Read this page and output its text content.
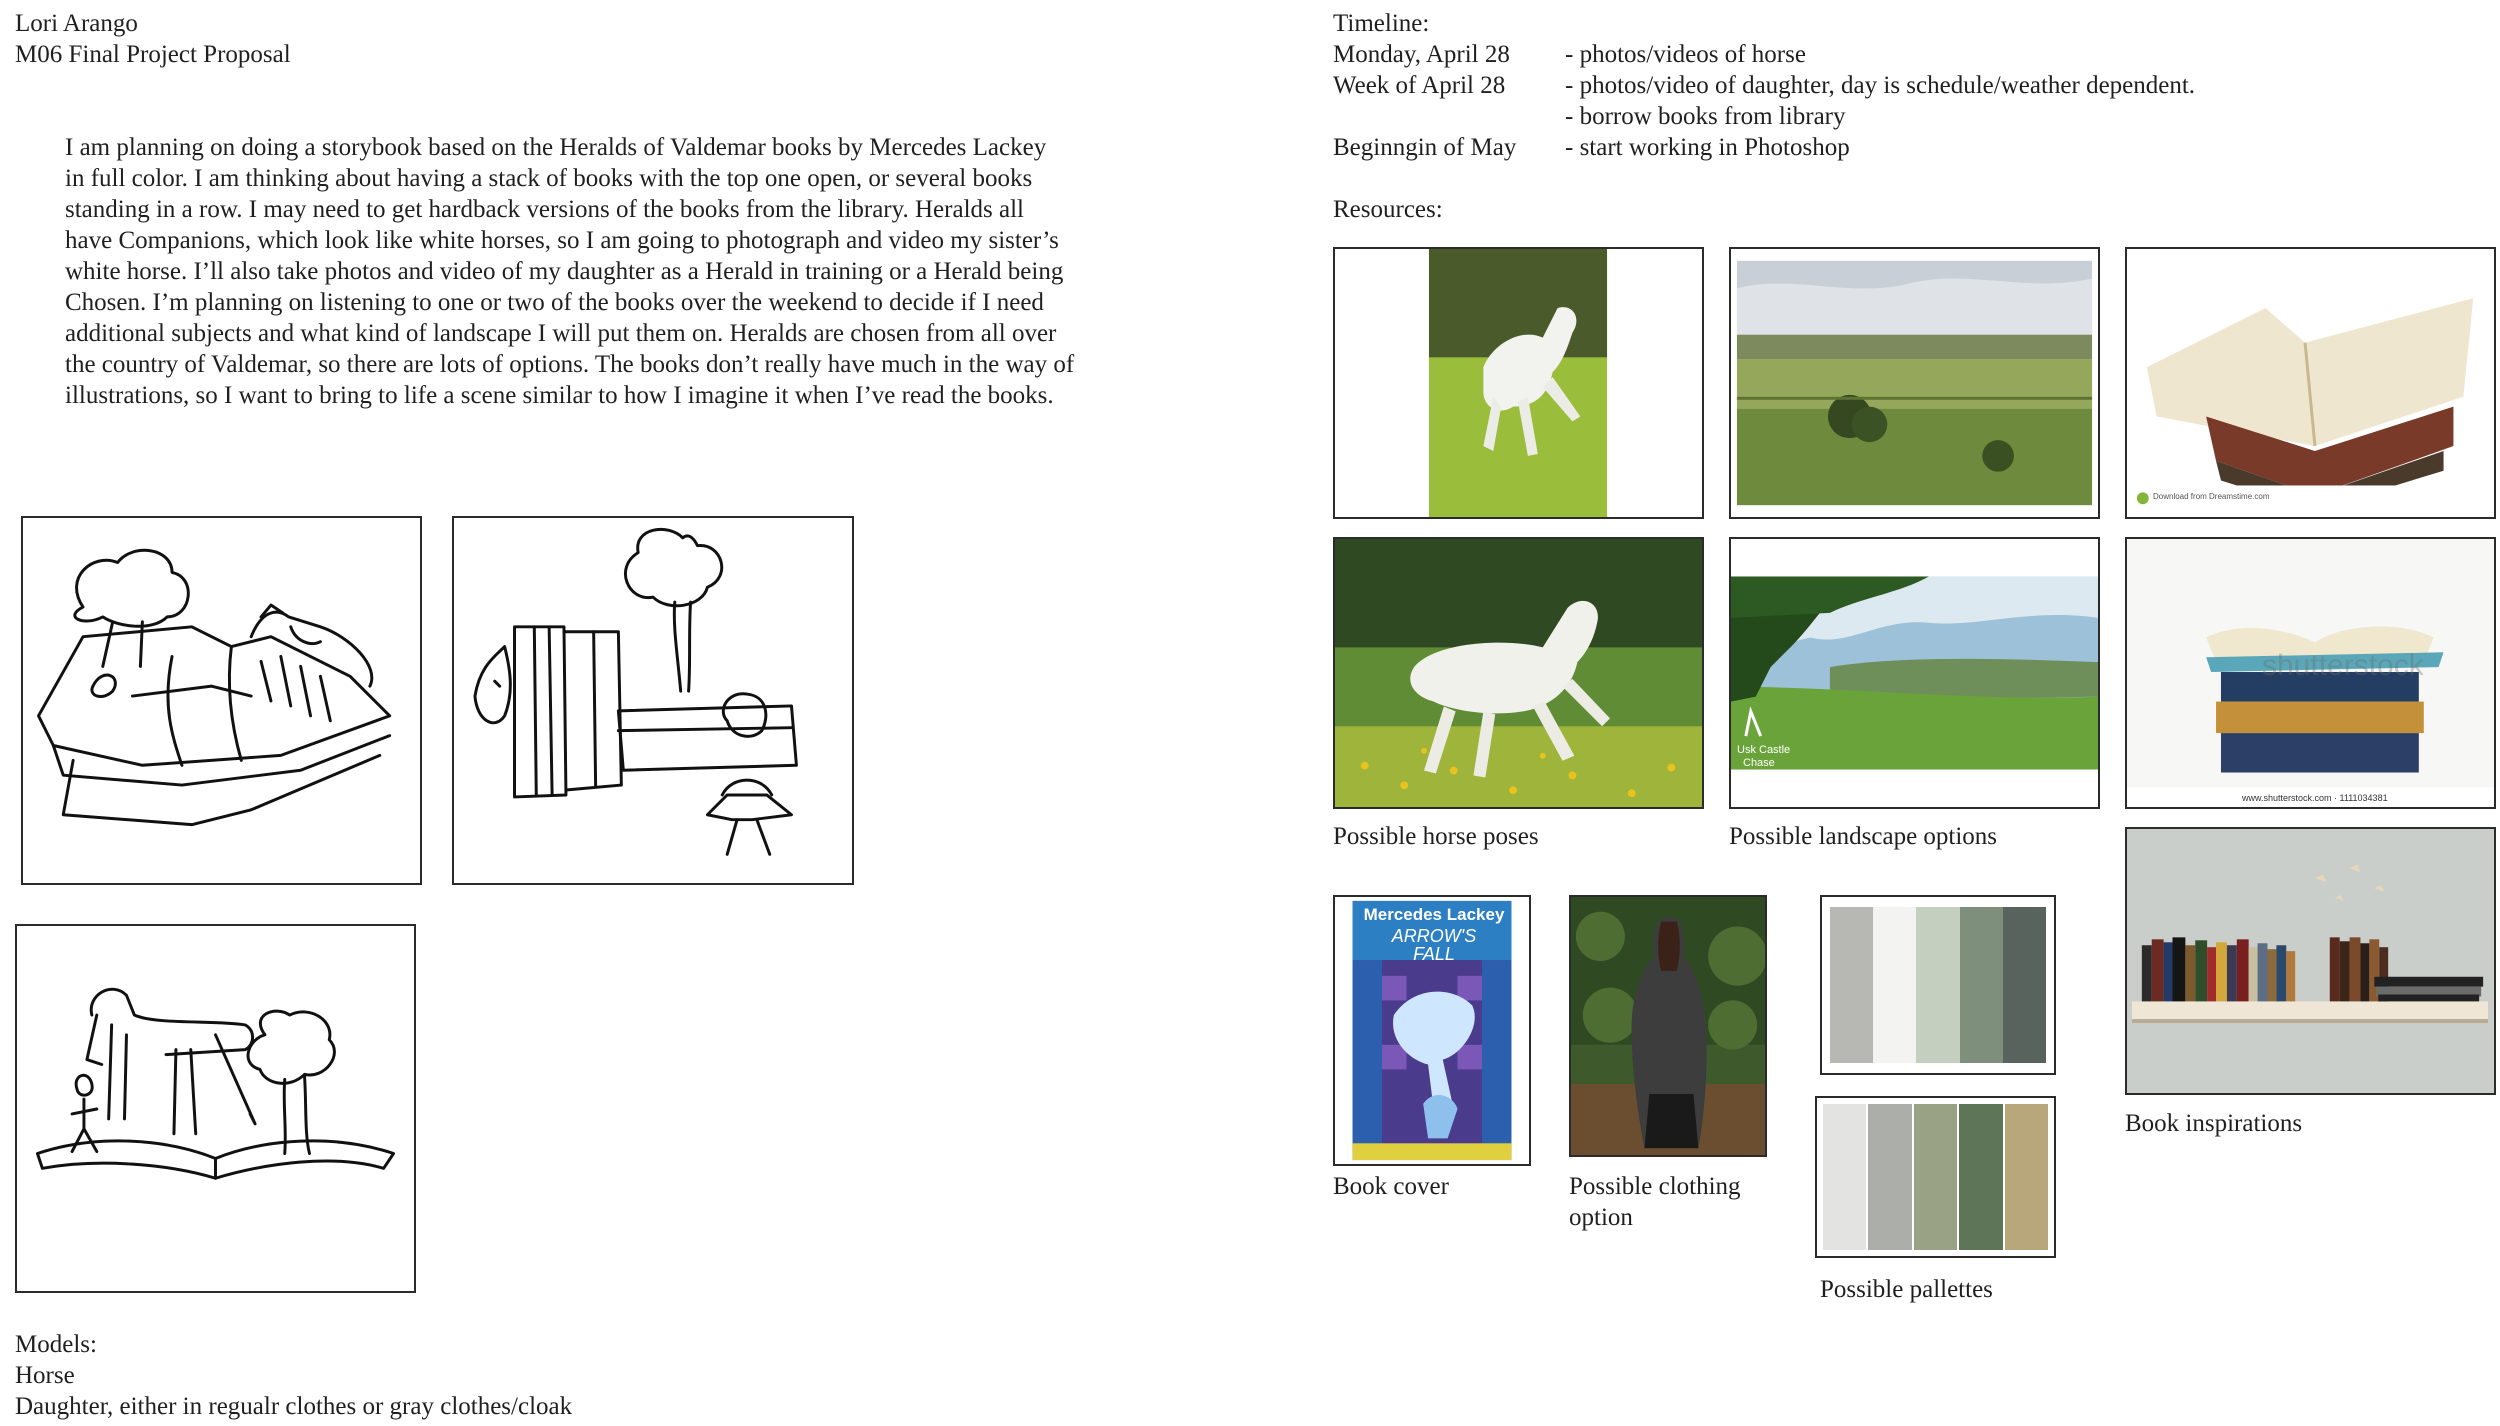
Lori Arango
M06 Final Project Proposal
I am planning on doing a storybook based on the Heralds of Valdemar books by Mercedes Lackey
in full color. I am thinking about having a stack of books with the top one open, or several books
standing in a row. I may need to get hardback versions of the books from the library. Heralds all
have Companions, which look like white horses, so I am going to photograph and video my sister’s
white horse. I’ll also take photos and video of my daughter as a Herald in training or a Herald being
Chosen. I’m planning on listening to one or two of the books over the weekend to decide if I need
additional subjects and what kind of landscape I will put them on. Heralds are chosen from all over
the country of Valdemar, so there are lots of options. The books don’t really have much in the way of
illustrations, so I want to bring to life a scene similar to how I imagine it when I’ve read the books.
Models:
Horse
Daughter, either in regualr clothes or gray clothes/cloak
Timeline:
Monday, April 28 - photos/videos of horse
Week of April 28 - photos/video of daughter, day is schedule/weather dependent.
- borrow books from library
Beginngin of May - start working in Photoshop
Resources:
Download from Dreamstime.com
Usk Castle
Chase
shutterstock
www.shutterstock.com · 1111034381
Possible horse poses	Possible landscape options
Book inspirations
Mercedes Lackey
ARROW'S
FALL
Book cover	Possible clothing
option
Possible pallettes
